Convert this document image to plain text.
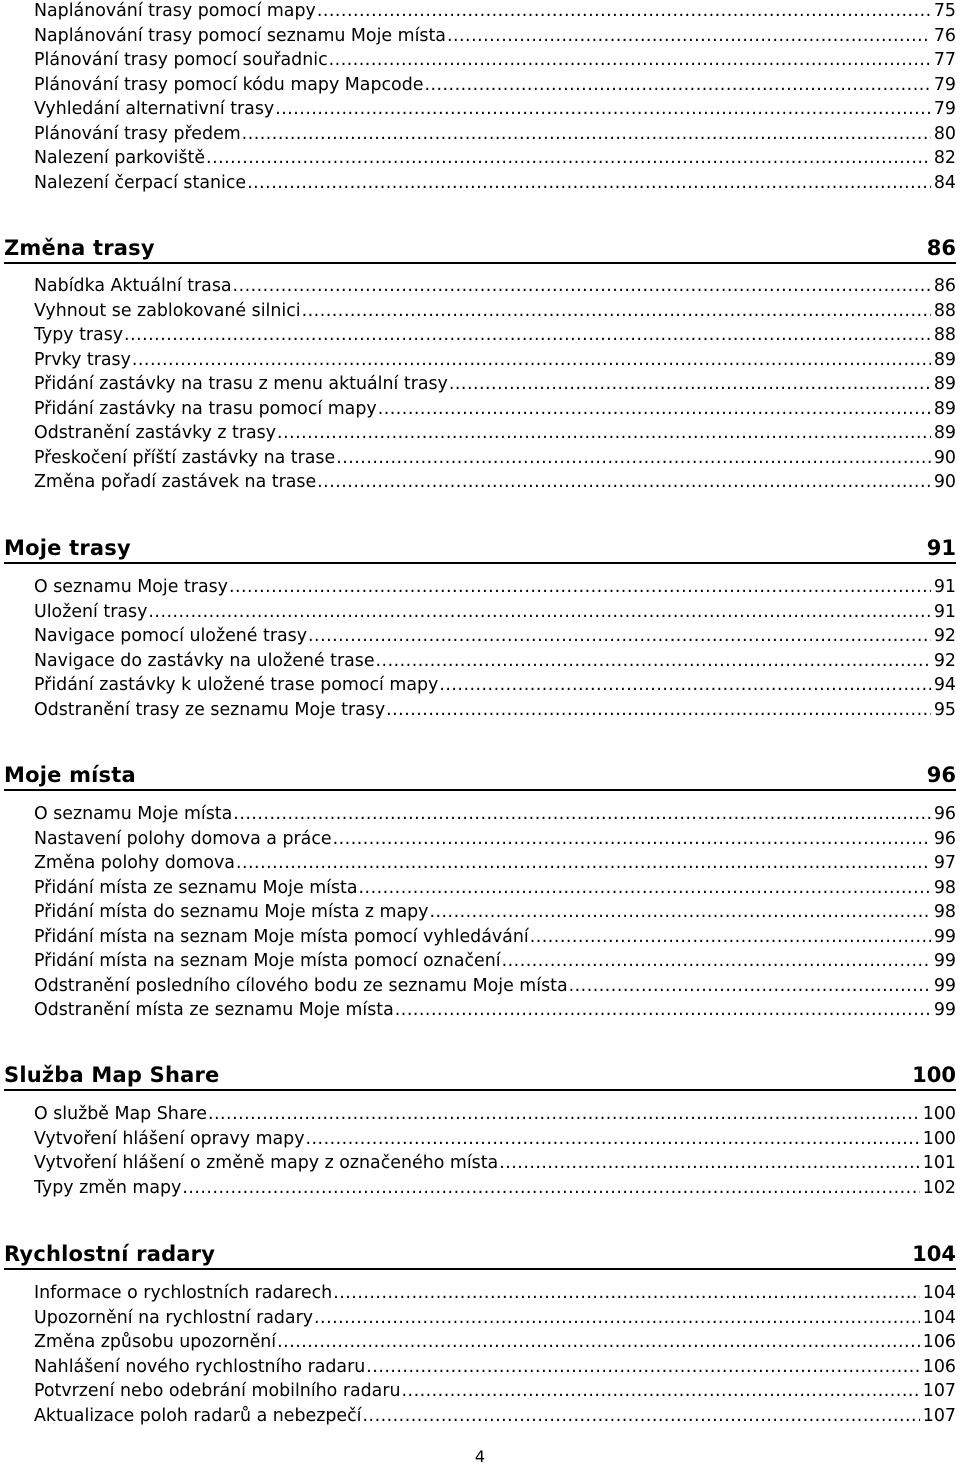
Naplánování trasy pomocí mapy .....	75
Naplánování trasy pomocí seznamu Moje místa .....	76
Plánování trasy pomocí souřadnic .....	77
Plánování trasy pomocí kódu mapy Mapcode .....	79
Vyhledání alternativní trasy .....	79
Plánování trasy předem .....	80
Nalezení parkoviště .....	82
Nalezení čerpací stanice .....	84
Změna trasy	86
Nabídka Aktuální trasa .....	86
Vyhnout se zablokované silnici .....	88
Typy trasy .....	88
Prvky trasy .....	89
Přidání zastávky na trasu z menu aktuální trasy .....	89
Přidání zastávky na trasu pomocí mapy .....	89
Odstranění zastávky z trasy .....	89
Přeskočení příští zastávky na trase .....	90
Změna pořadí zastávek na trase .....	90
Moje trasy	91
O seznamu Moje trasy .....	91
Uložení trasy .....	91
Navigace pomocí uložené trasy .....	92
Navigace do zastávky na uložené trase .....	92
Přidání zastávky k uložené trase pomocí mapy .....	94
Odstranění trasy ze seznamu Moje trasy .....	95
Moje místa	96
O seznamu Moje místa .....	96
Nastavení polohy domova a práce .....	96
Změna polohy domova .....	97
Přidání místa ze seznamu Moje místa .....	98
Přidání místa do seznamu Moje místa z mapy .....	98
Přidání místa na seznam Moje místa pomocí vyhledávání .....	99
Přidání místa na seznam Moje místa pomocí označení .....	99
Odstranění posledního cílového bodu ze seznamu Moje místa .....	99
Odstranění místa ze seznamu Moje místa .....	99
Služba Map Share	100
O službě Map Share .....	100
Vytvoření hlášení opravy mapy .....	100
Vytvoření hlášení o změně mapy z označeného místa .....	101
Typy změn mapy .....	102
Rychlostní radary	104
Informace o rychlostních radarech .....	104
Upozornění na rychlostní radary .....	104
Změna způsobu upozornění .....	106
Nahlášení nového rychlostního radaru .....	106
Potvrzení nebo odebrání mobilního radaru .....	107
Aktualizace poloh radarů a nebezpečí .....	107
4
